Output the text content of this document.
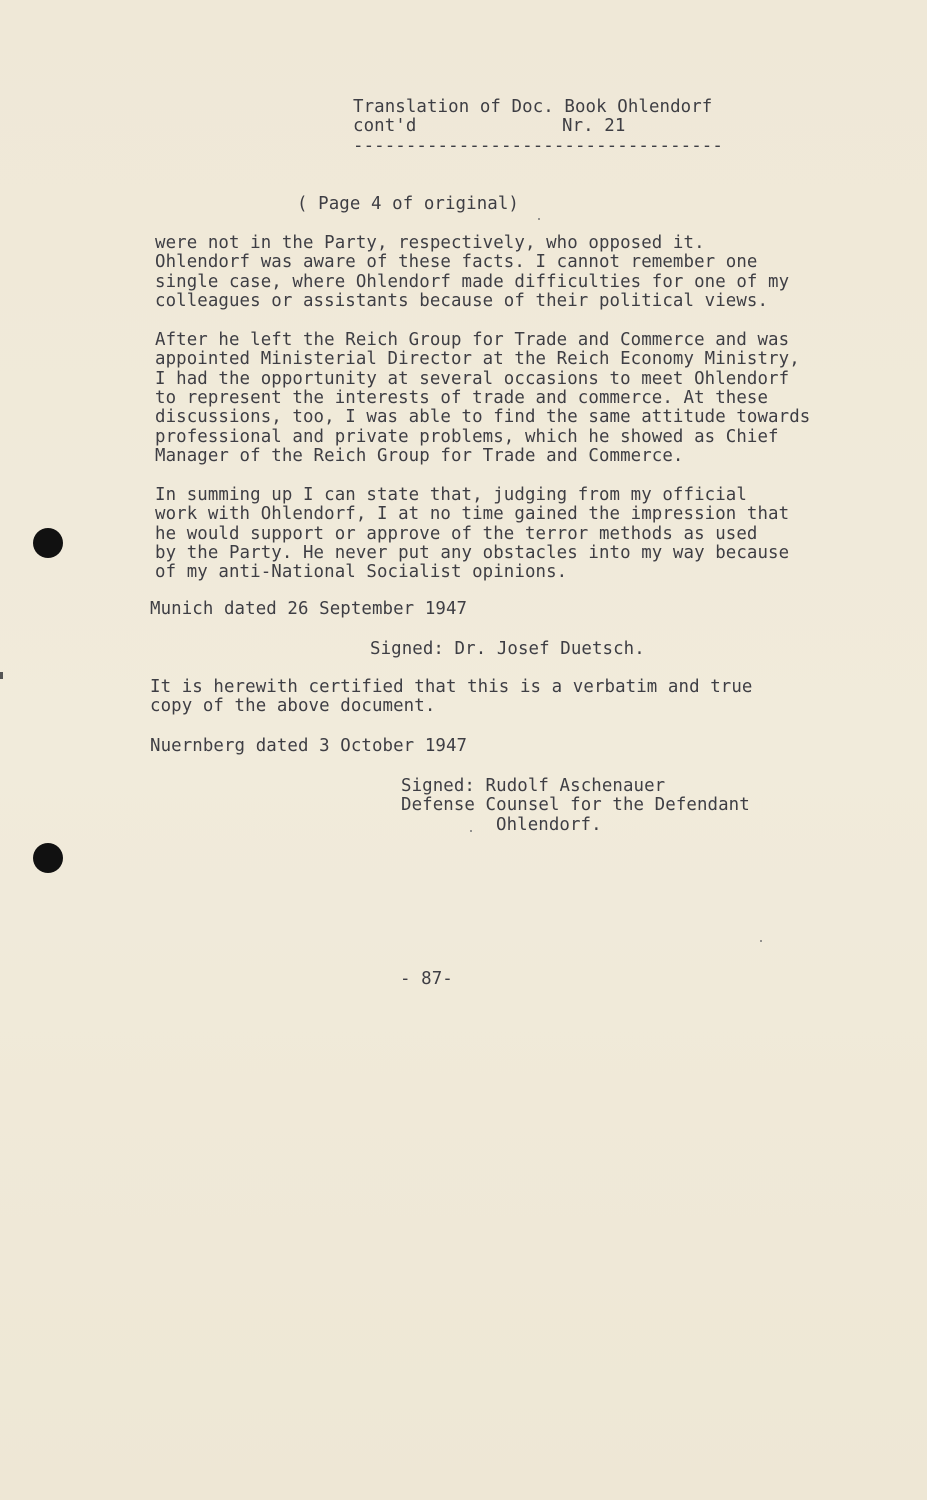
Translation of Doc. Book Ohlendorf
cont'd	Nr. 21
-----------------------------------
( Page 4 of original)
were not in the Party, respectively, who opposed it.
Ohlendorf was aware of these facts. I cannot remember one
single case, where Ohlendorf made difficulties for one of my
colleagues or assistants because of their political views.
After he left the Reich Group for Trade and Commerce and was
appointed Ministerial Director at the Reich Economy Ministry,
I had the opportunity at several occasions to meet Ohlendorf
to represent the interests of trade and commerce. At these
discussions, too, I was able to find the same attitude towards
professional and private problems, which he showed as Chief
Manager of the Reich Group for Trade and Commerce.
In summing up I can state that, judging from my official
work with Ohlendorf, I at no time gained the impression that
he would support or approve of the terror methods as used
by the Party. He never put any obstacles into my way because
of my anti-National Socialist opinions.
Munich dated 26 September 1947
Signed: Dr. Josef Duetsch.
It is herewith certified that this is a verbatim and true
copy of the above document.
Nuernberg dated 3 October 1947
Signed: Rudolf Aschenauer
Defense Counsel for the Defendant
Ohlendorf.
- 87-
